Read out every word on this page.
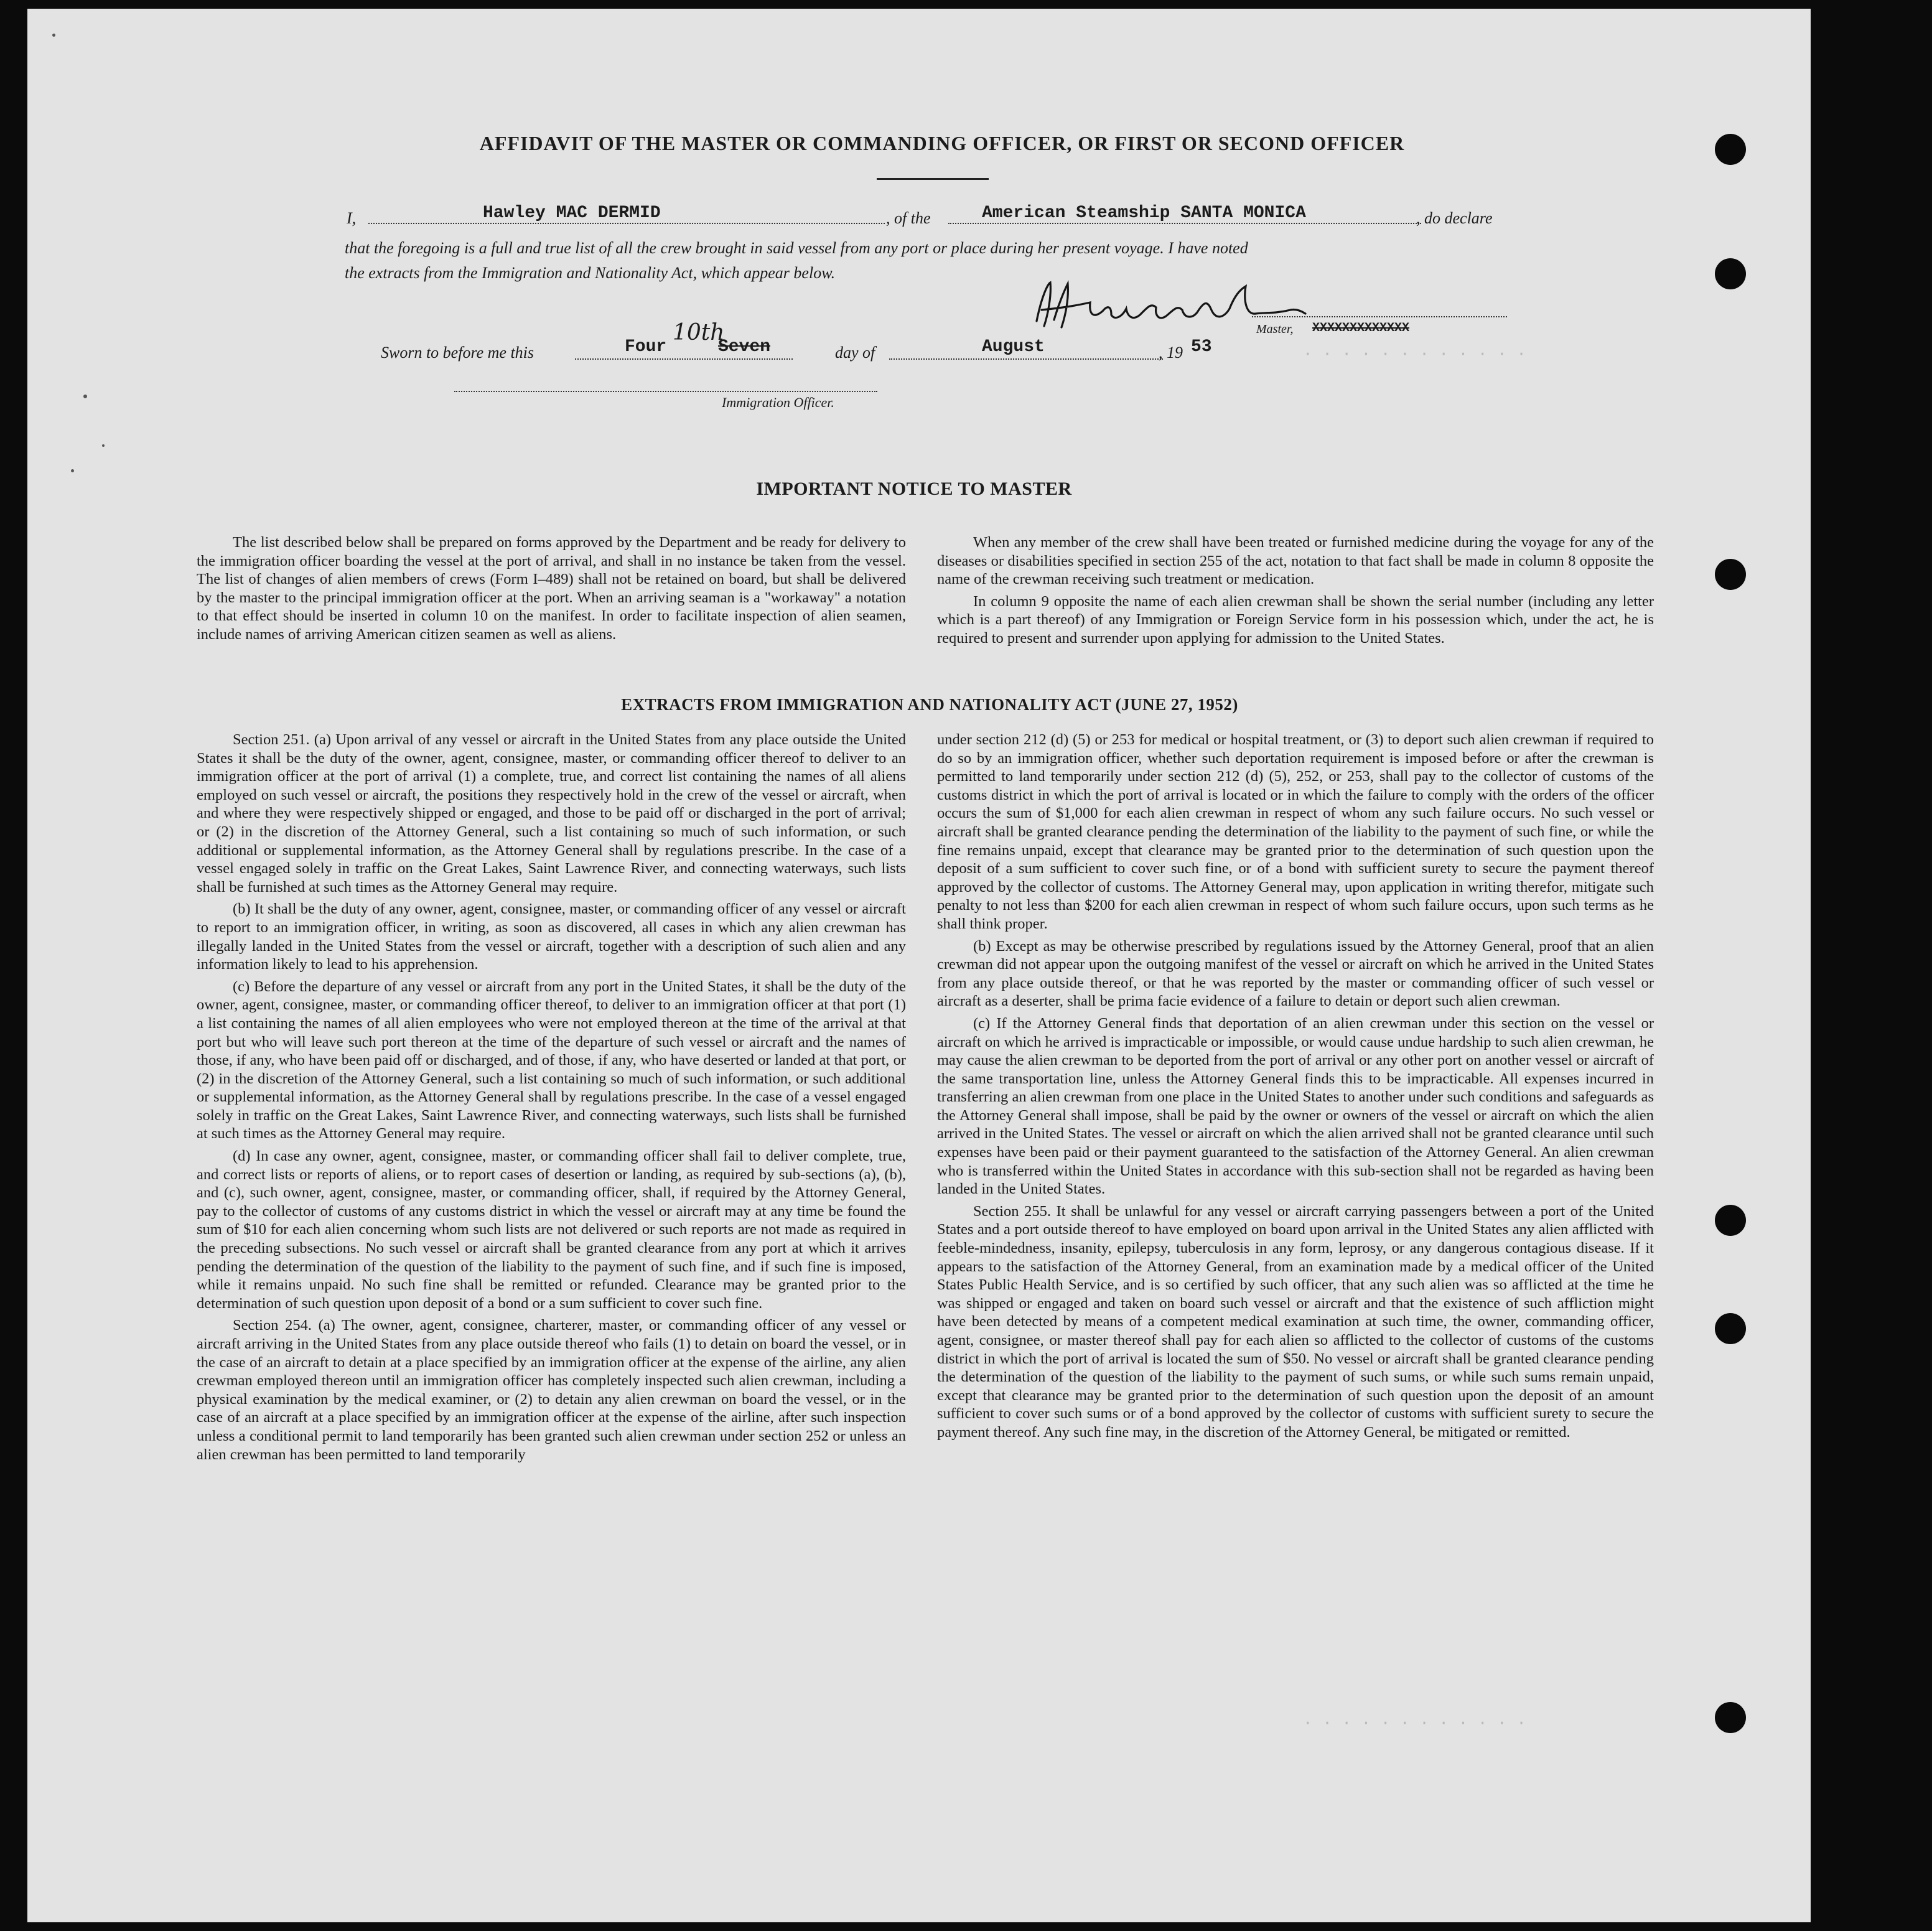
· · · · · · · · · · · ·
· · · · · · · · · · · ·
AFFIDAVIT OF THE MASTER OR COMMANDING OFFICER, OR FIRST OR SECOND OFFICER
I,	Hawley MAC DERMID	, of the	American Steamship SANTA MONICA	, do declare
that the foregoing is a full and true list of all the crew brought in said vessel from any port or place during her present voyage. I have noted
the extracts from the Immigration and Nationality Act, which appear below.
Master, XXXXXXXXXXXXX
Sworn to before me this	Four
10th
Seven	day of	August	, 19 53
Immigration Officer.
IMPORTANT NOTICE TO MASTER

The list described below shall be prepared on forms approved by the Department and be ready for delivery to the immigration officer boarding the vessel at the port of arrival, and shall in no instance be taken from the vessel. The list of changes of alien members of crews (Form I–489) shall not be retained on board, but shall be delivered by the master to the principal immigration officer at the port. When an arriving seaman is a "workaway" a notation to that effect should be inserted in column 10 on the manifest. In order to facilitate inspection of alien seamen, include names of arriving American citizen seamen as well as aliens.

When any member of the crew shall have been treated or furnished medicine during the voyage for any of the diseases or disabilities specified in section 255 of the act, notation to that fact shall be made in column 8 opposite the name of the crewman receiving such treatment or medication.

In column 9 opposite the name of each alien crewman shall be shown the serial number (including any letter which is a part thereof) of any Immigration or Foreign Service form in his possession which, under the act, he is required to present and surrender upon applying for admission to the United States.

EXTRACTS FROM IMMIGRATION AND NATIONALITY ACT (JUNE 27, 1952)

Section 251. (a) Upon arrival of any vessel or aircraft in the United States from any place outside the United States it shall be the duty of the owner, agent, consignee, master, or commanding officer thereof to deliver to an immigration officer at the port of arrival (1) a complete, true, and correct list containing the names of all aliens employed on such vessel or aircraft, the positions they respectively hold in the crew of the vessel or aircraft, when and where they were respectively shipped or engaged, and those to be paid off or discharged in the port of arrival; or (2) in the discretion of the Attorney General, such a list containing so much of such information, or such additional or supplemental information, as the Attorney General shall by regulations prescribe. In the case of a vessel engaged solely in traffic on the Great Lakes, Saint Lawrence River, and connecting waterways, such lists shall be furnished at such times as the Attorney General may require.

(b) It shall be the duty of any owner, agent, consignee, master, or commanding officer of any vessel or aircraft to report to an immigration officer, in writing, as soon as discovered, all cases in which any alien crewman has illegally landed in the United States from the vessel or aircraft, together with a description of such alien and any information likely to lead to his apprehension.

(c) Before the departure of any vessel or aircraft from any port in the United States, it shall be the duty of the owner, agent, consignee, master, or commanding officer thereof, to deliver to an immigration officer at that port (1) a list containing the names of all alien employees who were not employed thereon at the time of the arrival at that port but who will leave such port thereon at the time of the departure of such vessel or aircraft and the names of those, if any, who have been paid off or discharged, and of those, if any, who have deserted or landed at that port, or (2) in the discretion of the Attorney General, such a list containing so much of such information, or such additional or supplemental information, as the Attorney General shall by regulations prescribe. In the case of a vessel engaged solely in traffic on the Great Lakes, Saint Lawrence River, and connecting waterways, such lists shall be furnished at such times as the Attorney General may require.

(d) In case any owner, agent, consignee, master, or commanding officer shall fail to deliver complete, true, and correct lists or reports of aliens, or to report cases of desertion or landing, as required by sub-sections (a), (b), and (c), such owner, agent, consignee, master, or commanding officer, shall, if required by the Attorney General, pay to the collector of customs of any customs district in which the vessel or aircraft may at any time be found the sum of $10 for each alien concerning whom such lists are not delivered or such reports are not made as required in the preceding subsections. No such vessel or aircraft shall be granted clearance from any port at which it arrives pending the determination of the question of the liability to the payment of such fine, and if such fine is imposed, while it remains unpaid. No such fine shall be remitted or refunded. Clearance may be granted prior to the determination of such question upon deposit of a bond or a sum sufficient to cover such fine.

Section 254. (a) The owner, agent, consignee, charterer, master, or commanding officer of any vessel or aircraft arriving in the United States from any place outside thereof who fails (1) to detain on board the vessel, or in the case of an aircraft to detain at a place specified by an immigration officer at the expense of the airline, any alien crewman employed thereon until an immigration officer has completely inspected such alien crewman, including a physical examination by the medical examiner, or (2) to detain any alien crewman on board the vessel, or in the case of an aircraft at a place specified by an immigration officer at the expense of the airline, after such inspection unless a conditional permit to land temporarily has been granted such alien crewman under section 252 or unless an alien crewman has been permitted to land temporarily

under section 212 (d) (5) or 253 for medical or hospital treatment, or (3) to deport such alien crewman if required to do so by an immigration officer, whether such deportation requirement is imposed before or after the crewman is permitted to land temporarily under section 212 (d) (5), 252, or 253, shall pay to the collector of customs of the customs district in which the port of arrival is located or in which the failure to comply with the orders of the officer occurs the sum of $1,000 for each alien crewman in respect of whom any such failure occurs. No such vessel or aircraft shall be granted clearance pending the determination of the liability to the payment of such fine, or while the fine remains unpaid, except that clearance may be granted prior to the determination of such question upon the deposit of a sum sufficient to cover such fine, or of a bond with sufficient surety to secure the payment thereof approved by the collector of customs. The Attorney General may, upon application in writing therefor, mitigate such penalty to not less than $200 for each alien crewman in respect of whom such failure occurs, upon such terms as he shall think proper.

(b) Except as may be otherwise prescribed by regulations issued by the Attorney General, proof that an alien crewman did not appear upon the outgoing manifest of the vessel or aircraft on which he arrived in the United States from any place outside thereof, or that he was reported by the master or commanding officer of such vessel or aircraft as a deserter, shall be prima facie evidence of a failure to detain or deport such alien crewman.

(c) If the Attorney General finds that deportation of an alien crewman under this section on the vessel or aircraft on which he arrived is impracticable or impossible, or would cause undue hardship to such alien crewman, he may cause the alien crewman to be deported from the port of arrival or any other port on another vessel or aircraft of the same transportation line, unless the Attorney General finds this to be impracticable. All expenses incurred in transferring an alien crewman from one place in the United States to another under such conditions and safeguards as the Attorney General shall impose, shall be paid by the owner or owners of the vessel or aircraft on which the alien arrived in the United States. The vessel or aircraft on which the alien arrived shall not be granted clearance until such expenses have been paid or their payment guaranteed to the satisfaction of the Attorney General. An alien crewman who is transferred within the United States in accordance with this sub-section shall not be regarded as having been landed in the United States.

Section 255. It shall be unlawful for any vessel or aircraft carrying passengers between a port of the United States and a port outside thereof to have employed on board upon arrival in the United States any alien afflicted with feeble-mindedness, insanity, epilepsy, tuberculosis in any form, leprosy, or any dangerous contagious disease. If it appears to the satisfaction of the Attorney General, from an examination made by a medical officer of the United States Public Health Service, and is so certified by such officer, that any such alien was so afflicted at the time he was shipped or engaged and taken on board such vessel or aircraft and that the existence of such affliction might have been detected by means of a competent medical examination at such time, the owner, commanding officer, agent, consignee, or master thereof shall pay for each alien so afflicted to the collector of customs of the customs district in which the port of arrival is located the sum of $50. No vessel or aircraft shall be granted clearance pending the determination of the question of the liability to the payment of such sums, or while such sums remain unpaid, except that clearance may be granted prior to the determination of such question upon the deposit of an amount sufficient to cover such sums or of a bond approved by the collector of customs with sufficient surety to secure the payment thereof. Any such fine may, in the discretion of the Attorney General, be mitigated or remitted.
